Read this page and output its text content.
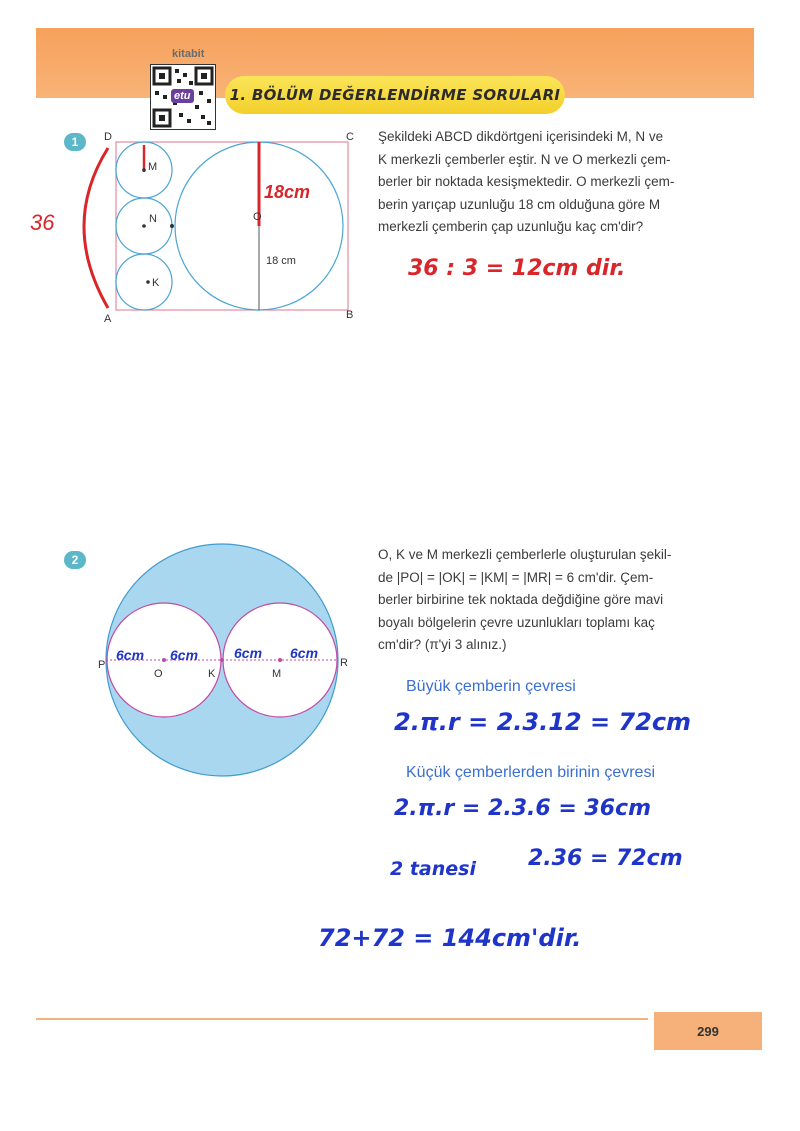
kitabit
etu	1. BÖLÜM DEĞERLENDİRME SORULARI
1	D	C
A	B
M
N
K
O
18 cm
36
18cm
Şekildeki ABCD dikdörtgeni içerisindeki M, N ve
K merkezli çemberler eştir. N ve O merkezli çem-
berler bir noktada kesişmektedir. O merkezli çem-
berin yarıçap uzunluğu 18 cm olduğuna göre M
merkezli çemberin çap uzunluğu kaç cm'dir?
36 : 3 = 12cm dir.
2
P
O	K	M
R
6cm 6cm	6cm 6cm
O, K ve M merkezli çemberlerle oluşturulan şekil-
de |PO| = |OK| = |KM| = |MR| = 6 cm'dir. Çem-
berler birbirine tek noktada değdiğine göre mavi
boyalı bölgelerin çevre uzunlukları toplamı kaç
cm'dir? (π'yi 3 alınız.)
Büyük çemberin çevresi
2.π.r = 2.3.12 = 72cm
Küçük çemberlerden birinin çevresi
2.π.r = 2.3.6 = 36cm
2 tanesi 2.36 = 72cm
72+72 = 144cm'dir.
299
